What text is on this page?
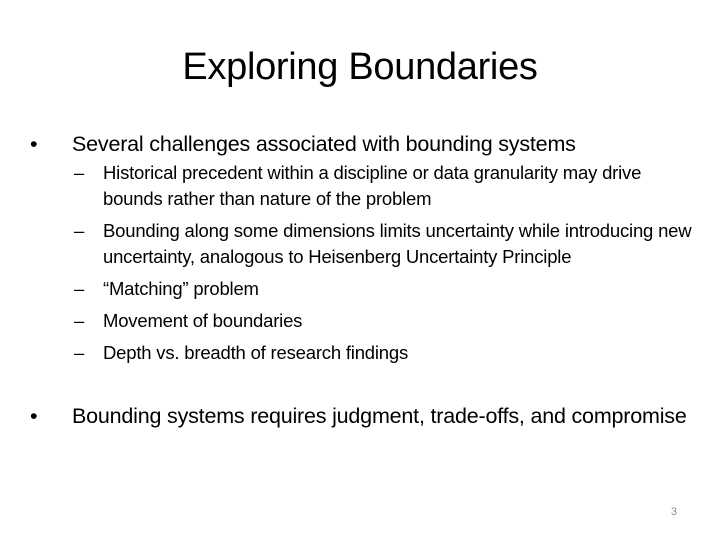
Exploring Boundaries
•	Several challenges associated with bounding systems
– Historical precedent within a discipline or data granularity may drive bounds rather than nature of the problem
– Bounding along some dimensions limits uncertainty while introducing new uncertainty, analogous to Heisenberg Uncertainty Principle
– “Matching” problem
– Movement of boundaries
– Depth vs. breadth of research findings
•	Bounding systems requires judgment, trade-offs, and compromise
3
